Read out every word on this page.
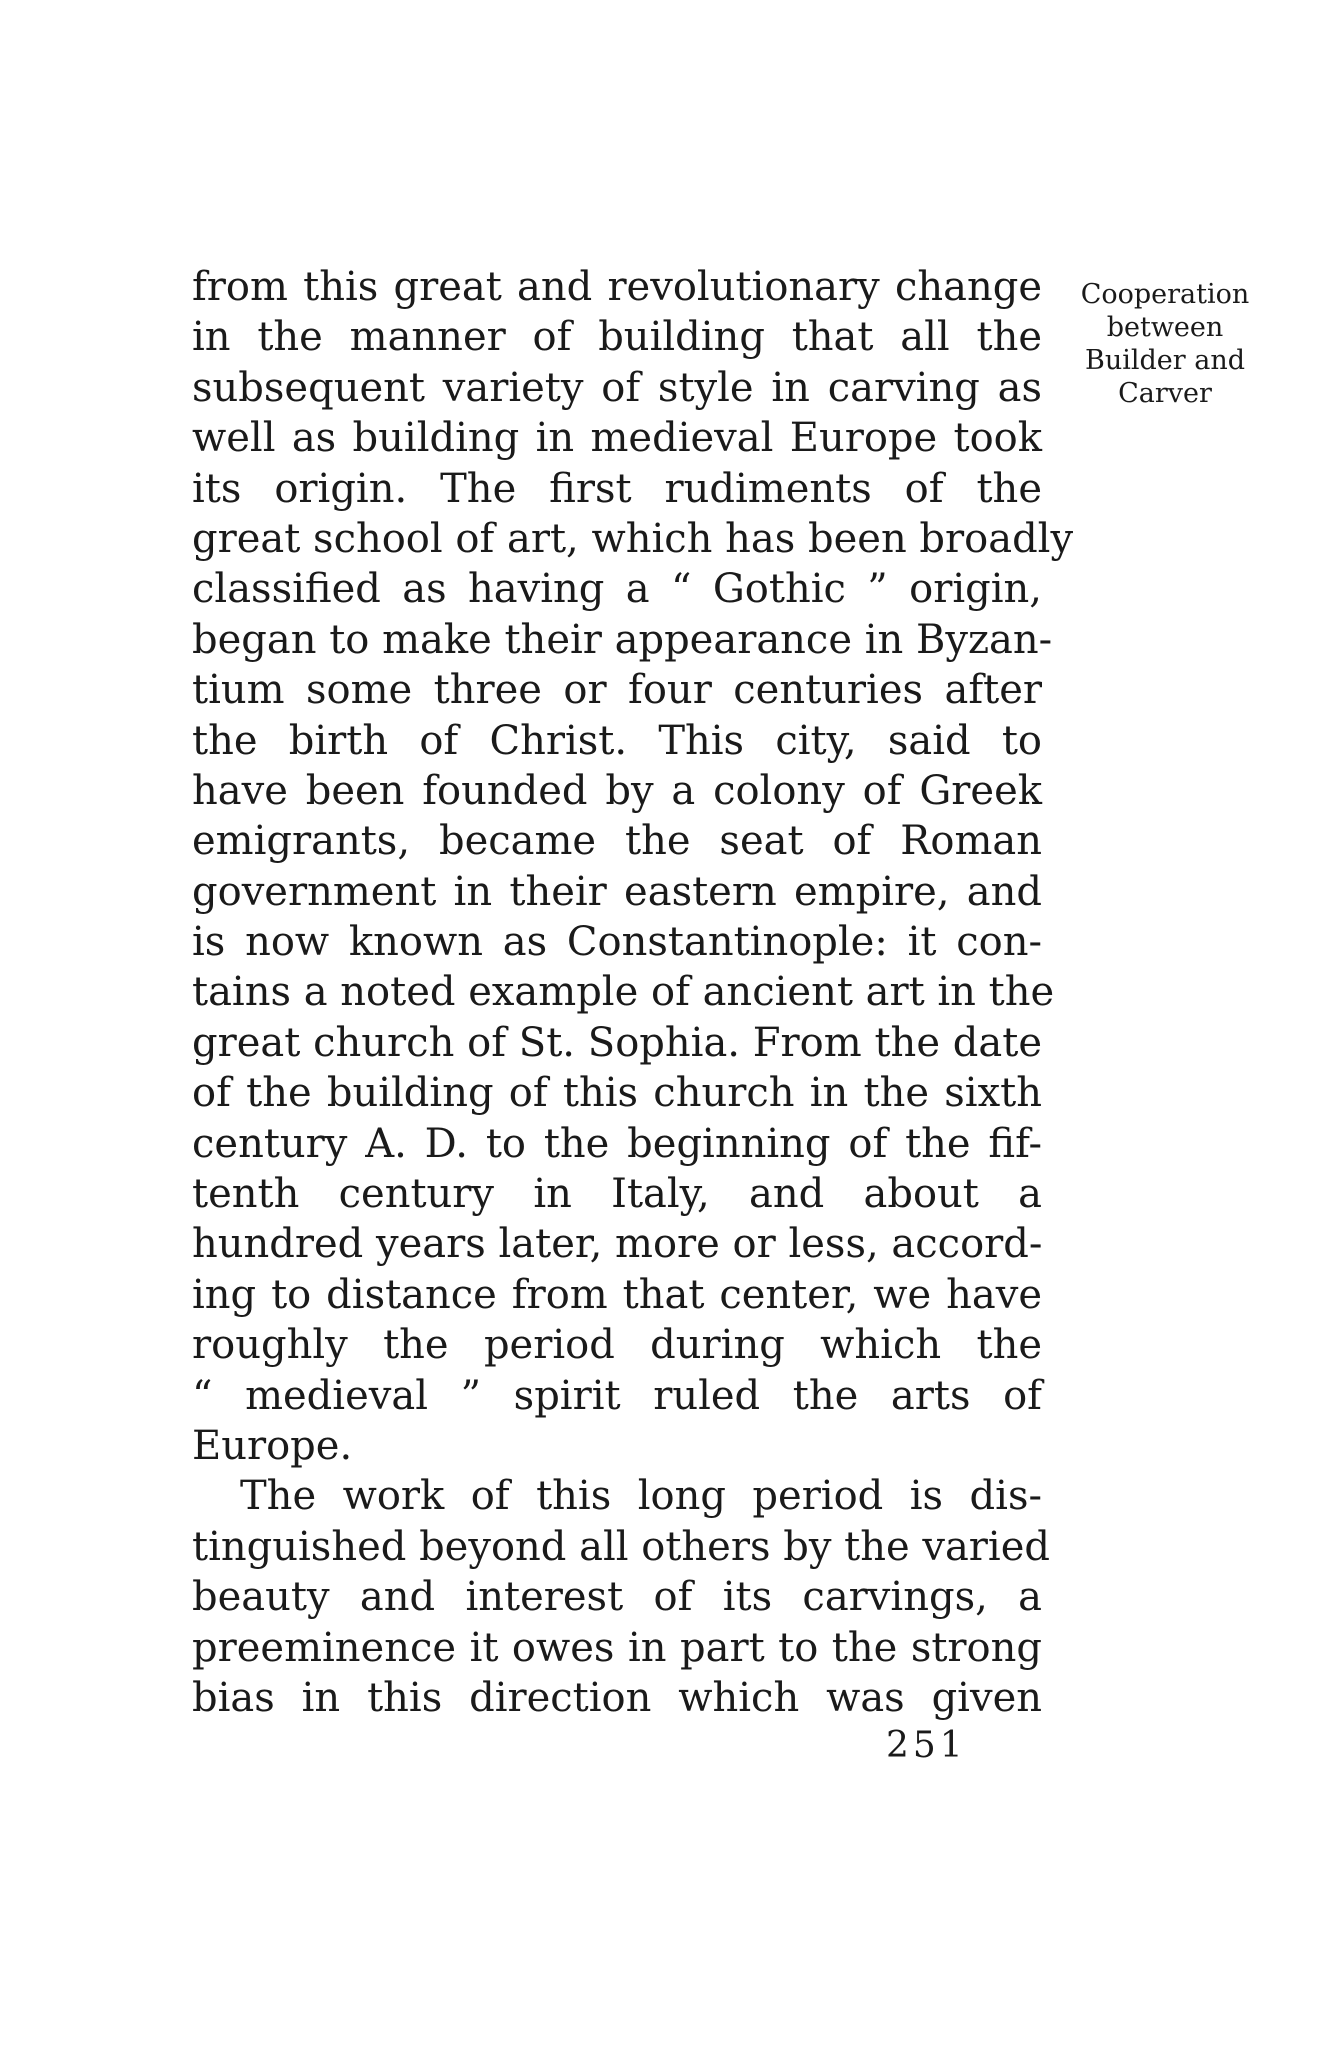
Cooperation
between
Builder and
Carver
from this great and revolutionary change
in the manner of building that all the
subsequent variety of style in carving as
well as building in medieval Europe took
its origin. The first rudiments of the
great school of art, which has been broadly
classified as having a “ Gothic ” origin,
began to make their appearance in Byzan-
tium some three or four centuries after
the birth of Christ. This city, said to
have been founded by a colony of Greek
emigrants, became the seat of Roman
government in their eastern empire, and
is now known as Constantinople: it con-
tains a noted example of ancient art in the
great church of St. Sophia. From the date
of the building of this church in the sixth
century A. D. to the beginning of the fif-
tenth century in Italy, and about a
hundred years later, more or less, accord-
ing to distance from that center, we have
roughly the period during which the
“ medieval ” spirit ruled the arts of
Europe.
The work of this long period is dis-
tinguished beyond all others by the varied
beauty and interest of its carvings, a
preeminence it owes in part to the strong
bias in this direction which was given
251
